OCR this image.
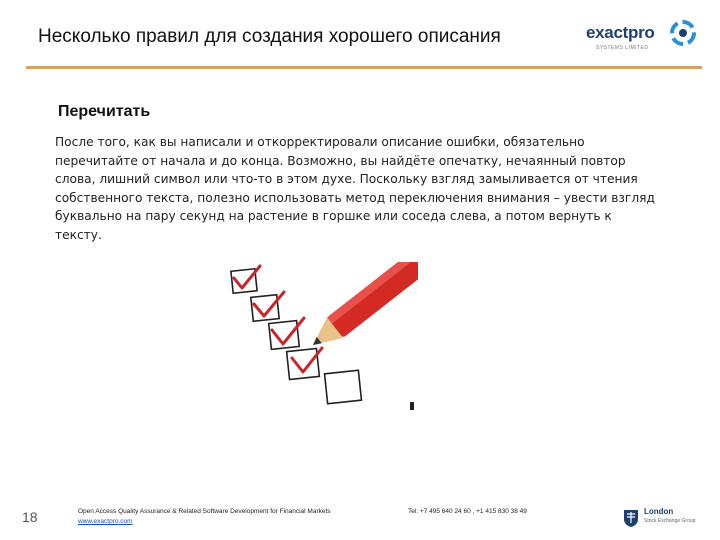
Несколько правил для создания хорошего описания	exactpro
SYSTEMS LIMITED
Перечитать
После того, как вы написали и откорректировали описание ошибки, обязательно перечитайте от начала и до конца. Возможно, вы найдёте опечатку, нечаянный повтор слова, лишний символ или что-то в этом духе. Поскольку взгляд замыливается от чтения собственного текста, полезно использовать метод переключения внимания – увести взгляд буквально на пару секунд на растение в горшке или соседа слева, а потом вернуть к тексту.
18	Open Access Quality Assurance & Related Software Development for Financial Markets
www.exactpro.com
Tel: +7 495 640 24 60 , +1 415 830 38 49	London
Stock Exchange Group
